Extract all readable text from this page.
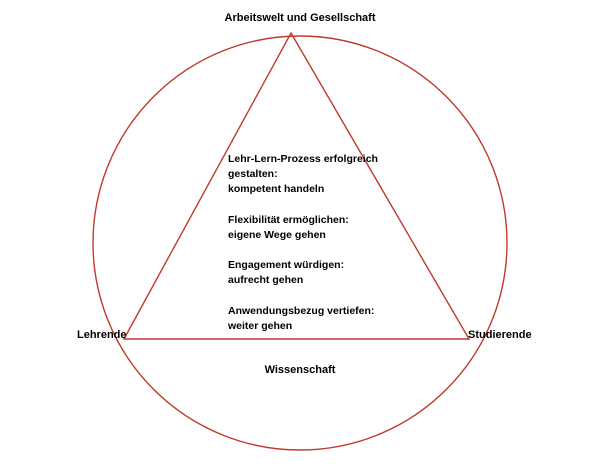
Arbeitswelt und Gesellschaft
Lehrende	Studierende
Wissenschaft
Lehr-Lern-Prozess erfolgreich
gestalten:
kompetent handeln
Flexibilität ermöglichen:
eigene Wege gehen
Engagement würdigen:
aufrecht gehen
Anwendungsbezug vertiefen:
weiter gehen
